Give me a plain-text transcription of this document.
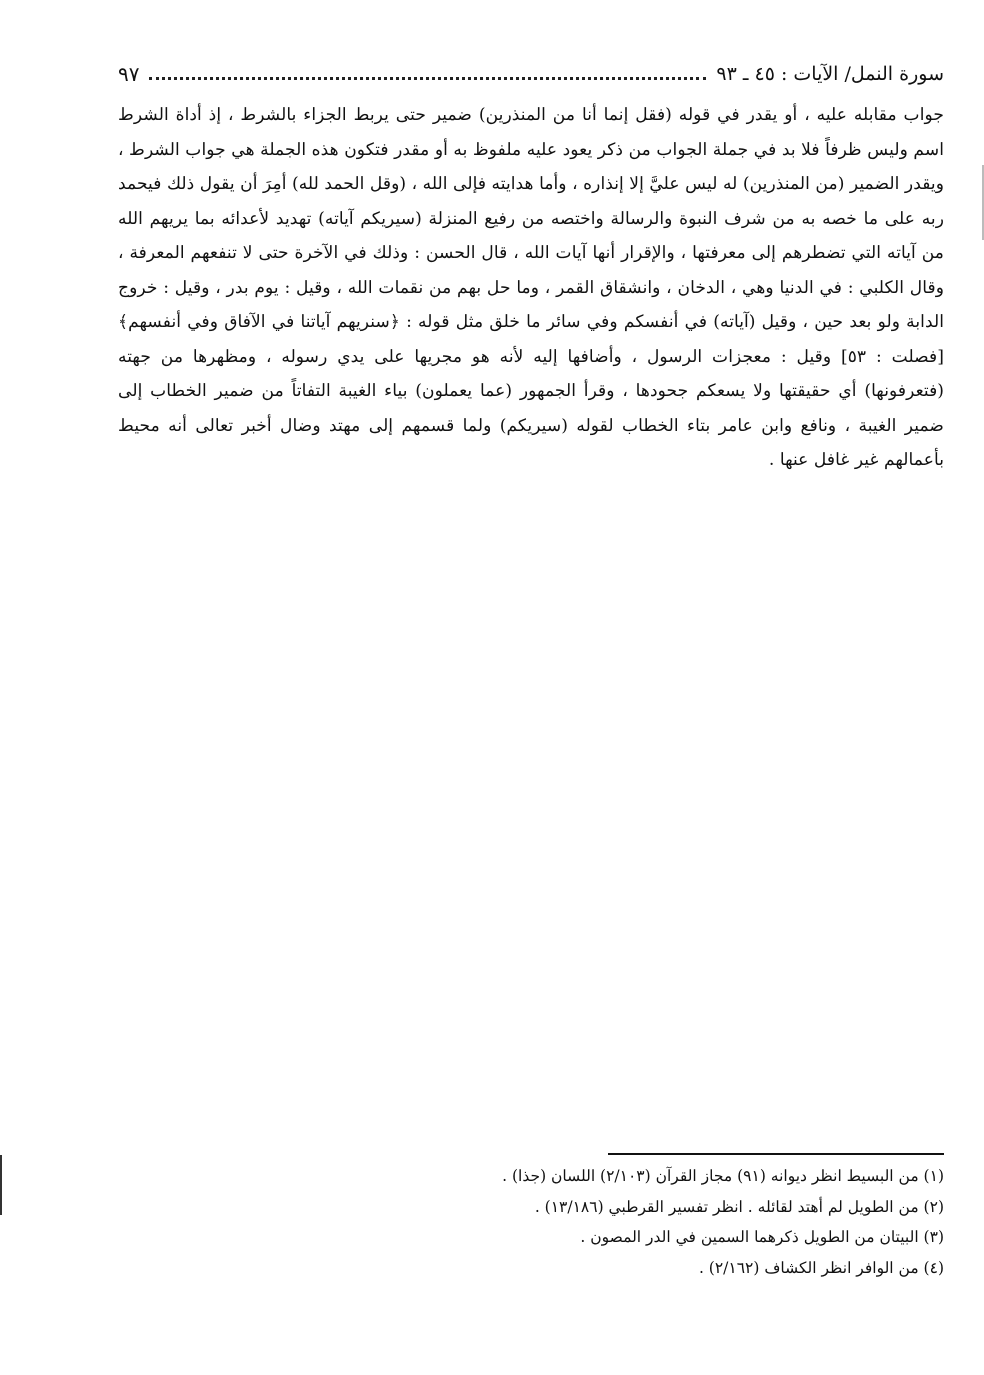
سورة النمل/ الآيات : ٤٥ ـ ٩٣
٩٧

جواب مقابله عليه ، أو يقدر في قوله (فقل إنما أنا من المنذرين) ضمير حتى يربط الجزاء بالشرط ، إذ أداة الشرط اسم وليس ظرفاً فلا بد في جملة الجواب من ذكر يعود عليه ملفوظ به أو مقدر فتكون هذه الجملة هي جواب الشرط ، ويقدر الضمير (من المنذرين) له ليس عليَّ إلا إنذاره ، وأما هدايته فإلى الله ، (وقل الحمد لله) أمِرَ أن يقول ذلك فيحمد ربه على ما خصه به من شرف النبوة والرسالة واختصه من رفيع المنزلة (سيريكم آياته) تهديد لأعدائه بما يريهم الله من آياته التي تضطرهم إلى معرفتها ، والإقرار أنها آيات الله ، قال الحسن : وذلك في الآخرة حتى لا تنفعهم المعرفة ، وقال الكلبي : في الدنيا وهي ، الدخان ، وانشقاق القمر ، وما حل بهم من نقمات الله ، وقيل : يوم بدر ، وقيل : خروج الدابة ولو بعد حين ، وقيل (آياته) في أنفسكم وفي سائر ما خلق مثل قوله : ﴿سنريهم آياتنا في الآفاق وفي أنفسهم﴾ [فصلت : ٥٣] وقيل : معجزات الرسول ، وأضافها إليه لأنه هو مجريها على يدي رسوله ، ومظهرها من جهته (فتعرفونها) أي حقيقتها ولا يسعكم جحودها ، وقرأ الجمهور (عما يعملون) بياء الغيبة التفاتاً من ضمير الخطاب إلى ضمير الغيبة ، ونافع وابن عامر بتاء الخطاب لقوله (سيريكم) ولما قسمهم إلى مهتد وضال أخبر تعالى أنه محيط بأعمالهم غير غافل عنها .

(١) من البسيط انظر ديوانه (٩١) مجاز القرآن (٢/١٠٣) اللسان (جذا) .
(٢) من الطويل لم أهتد لقائله . انظر تفسير القرطبي (١٣/١٨٦) .
(٣) البيتان من الطويل ذكرهما السمين في الدر المصون .
(٤) من الوافر انظر الكشاف (٢/١٦٢) .
